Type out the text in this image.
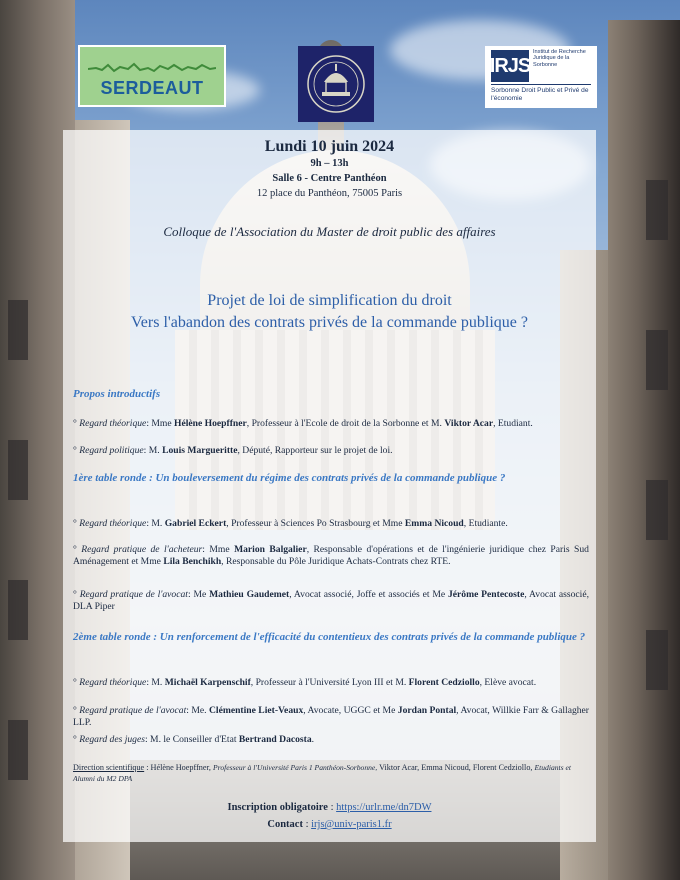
SERDEAUT
IRJS
Institut de Recherche Juridique de la Sorbonne
Sorbonne Droit Public et Privé de l'économie
Lundi 10 juin 2024
9h – 13h
Salle 6 - Centre Panthéon
12 place du Panthéon, 75005 Paris
Colloque de l'Association du Master de droit public des affaires
Projet de loi de simplification du droit
Vers l'abandon des contrats privés de la commande publique ?
Propos introductifs
° Regard théorique: Mme Hélène Hoepffner, Professeur à l'Ecole de droit de la Sorbonne et M. Viktor Acar, Etudiant.
° Regard politique: M. Louis Margueritte, Député, Rapporteur sur le projet de loi.
1ère table ronde : Un bouleversement du régime des contrats privés de la commande publique ?
° Regard théorique: M. Gabriel Eckert, Professeur à Sciences Po Strasbourg et Mme Emma Nicoud, Etudiante.
° Regard pratique de l'acheteur: Mme Marion Balgalier, Responsable d'opérations et de l'ingénierie juridique chez Paris Sud Aménagement et Mme Lila Benchikh, Responsable du Pôle Juridique Achats-Contrats chez RTE.
° Regard pratique de l'avocat: Me Mathieu Gaudemet, Avocat associé, Joffe et associés et Me Jérôme Pentecoste, Avocat associé, DLA Piper
2ème table ronde : Un renforcement de l'efficacité du contentieux des contrats privés de la commande publique ?
° Regard théorique: M. Michaël Karpenschif, Professeur à l'Université Lyon III et M. Florent Cedziollo, Elève avocat.
° Regard pratique de l'avocat: Me. Clémentine Liet-Veaux, Avocate, UGGC et Me Jordan Pontal, Avocat, Willkie Farr & Gallagher LLP.
° Regard des juges: M. le Conseiller d'Etat Bertrand Dacosta.
Direction scientifique : Hélène Hoepffner, Professeur à l'Université Paris 1 Panthéon-Sorbonne, Viktor Acar, Emma Nicoud, Florent Cedziollo, Etudiants et Alumni du M2 DPA
Inscription obligatoire : https://urlr.me/dn7DW
Contact : irjs@univ-paris1.fr
